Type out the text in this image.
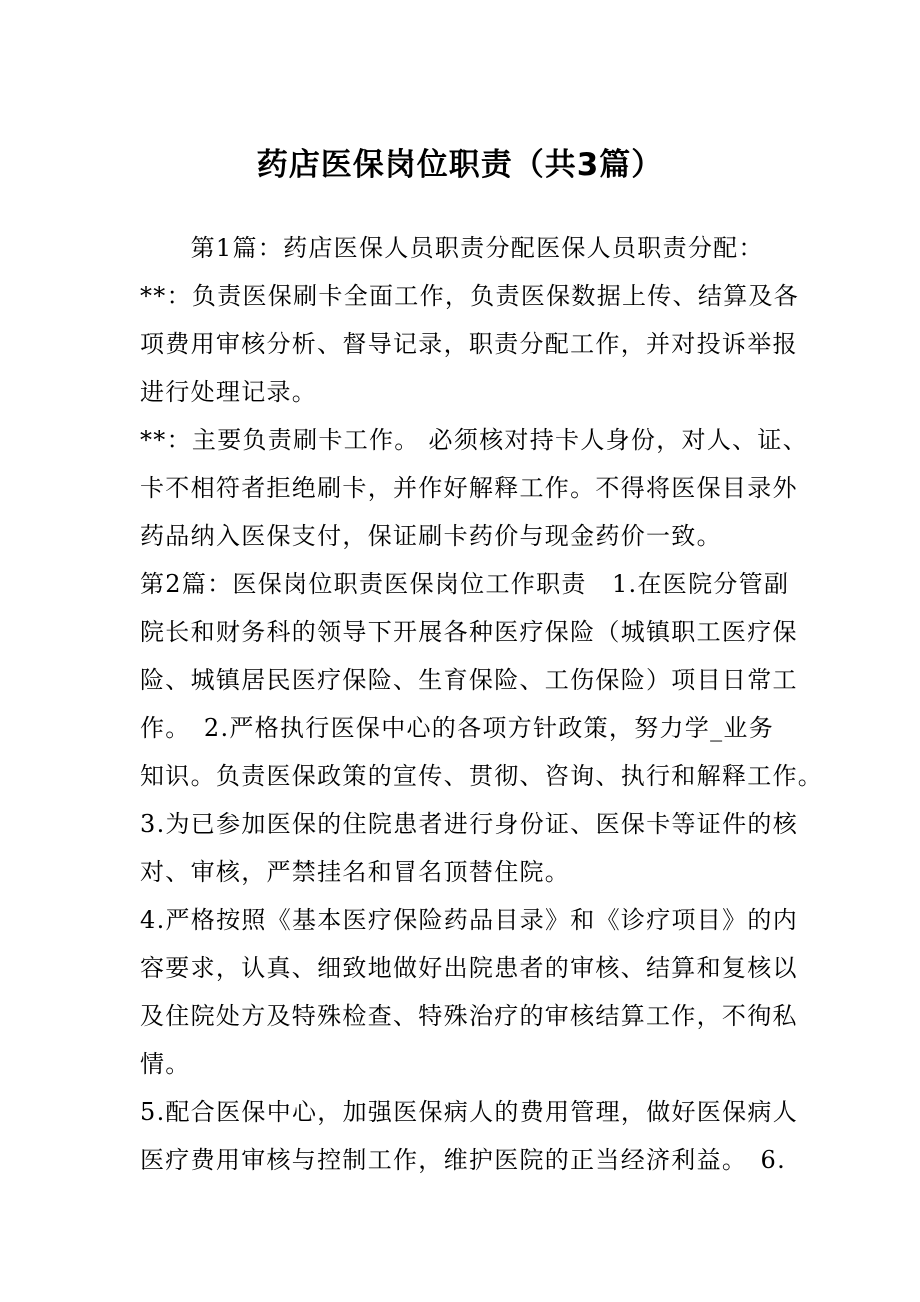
药店医保岗位职责（共3篇）
　　第1篇：药店医保人员职责分配医保人员职责分配：
**：负责医保刷卡全面工作，负责医保数据上传、结算及各
项费用审核分析、督导记录，职责分配工作，并对投诉举报
进行处理记录。
**：主要负责刷卡工作。 必须核对持卡人身份，对人、证、
卡不相符者拒绝刷卡，并作好解释工作。不得将医保目录外
药品纳入医保支付，保证刷卡药价与现金药价一致。
第2篇：医保岗位职责医保岗位工作职责　1.在医院分管副
院长和财务科的领导下开展各种医疗保险（城镇职工医疗保
险、城镇居民医疗保险、生育保险、工伤保险）项目日常工
作。　2.严格执行医保中心的各项方针政策，努力学_业务
知识。负责医保政策的宣传、贯彻、咨询、执行和解释工作。
3.为已参加医保的住院患者进行身份证、医保卡等证件的核
对、审核，严禁挂名和冒名顶替住院。
4.严格按照《基本医疗保险药品目录》和《诊疗项目》的内
容要求，认真、细致地做好出院患者的审核、结算和复核以
及住院处方及特殊检查、特殊治疗的审核结算工作，不徇私
情。
5.配合医保中心，加强医保病人的费用管理，做好医保病人
医疗费用审核与控制工作，维护医院的正当经济利益。　6.
